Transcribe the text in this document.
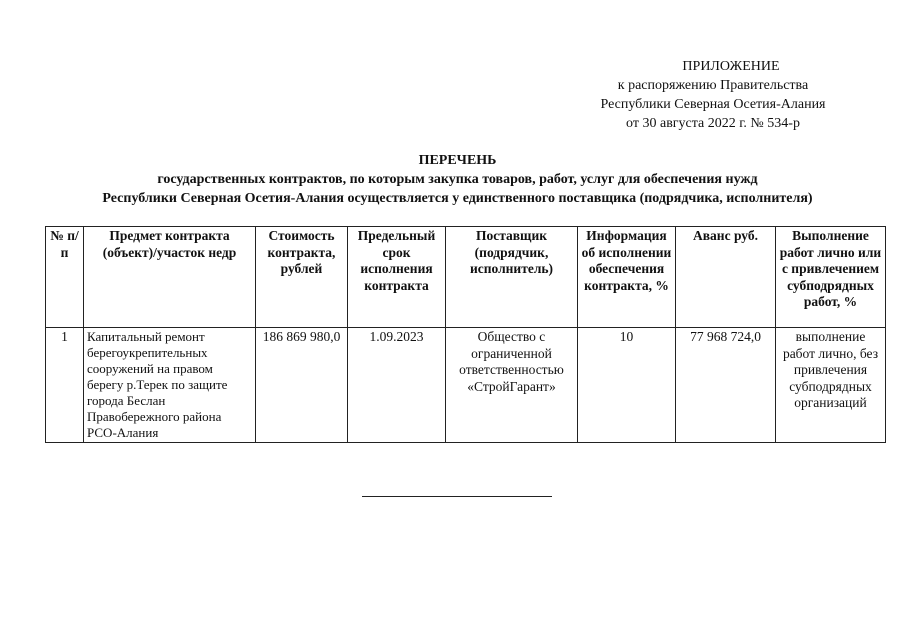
ПРИЛОЖЕНИЕ
к распоряжению Правительства
Республики Северная Осетия-Алания
от 30 августа 2022 г. № 534-р
ПЕРЕЧЕНЬ
государственных контрактов, по которым закупка товаров, работ, услуг для обеспечения нужд
Республики Северная Осетия-Алания осуществляется у единственного поставщика (подрядчика, исполнителя)
№ п/п	Предмет контракта (объект)/участок недр	Стоимость контракта, рублей	Предельный срок исполнения контракта	Поставщик (подрядчик, исполнитель)	Информация об исполнении обеспечения контракта, %	Аванс руб.	Выполнение работ лично или с привлечением субподрядных работ, %
1	Капитальный ремонт берегоукрепительных сооружений на правом берегу р.Терек по защите города Беслан Правобережного района РСО-Алания	186 869 980,0	1.09.2023	Общество с ограниченной ответственностью «СтройГарант»	10	77 968 724,0	выполнение работ лично, без привлечения субподрядных организаций
